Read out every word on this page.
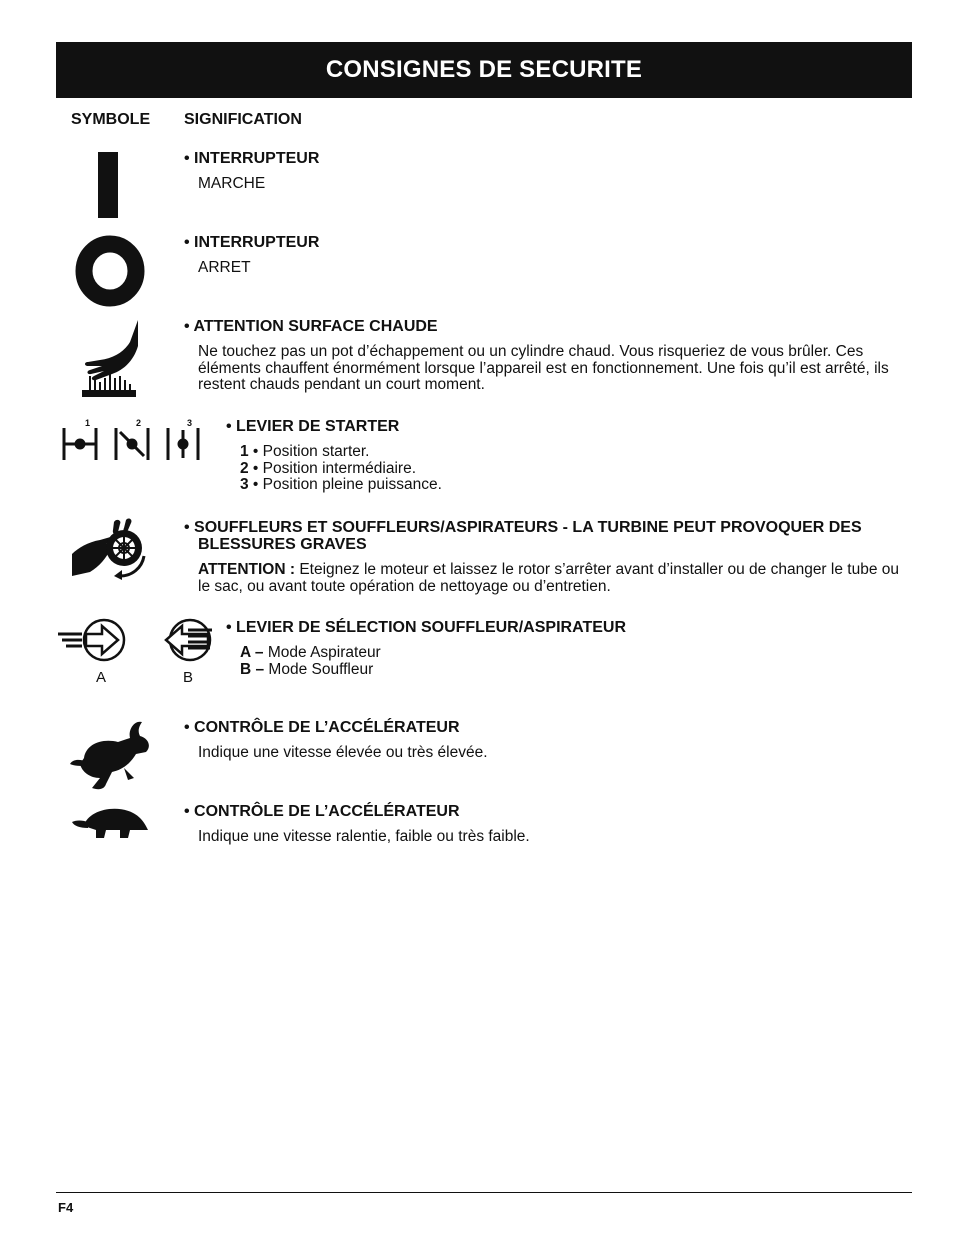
CONSIGNES DE SECURITE
SYMBOLE SIGNIFICATION
• INTERRUPTEUR
MARCHE
• INTERRUPTEUR
ARRET
• ATTENTION SURFACE CHAUDE
Ne touchez pas un pot d’échappement ou un cylindre chaud. Vous risqueriez de vous brûler. Ces éléments chauffent énormément lorsque l’appareil est en fonctionnement. Une fois qu’il est arrêté, ils restent chauds pendant un court moment.
1	2	3 • LEVIER DE STARTER
1 • Position starter.
2 • Position intermédiaire.
3 • Position pleine puissance.
• SOUFFLEURS ET SOUFFLEURS/ASPIRATEURS - LA TURBINE PEUT PROVOQUER DES BLESSURES GRAVES
ATTENTION : Eteignez le moteur et laissez le rotor s’arrêter avant d’installer ou de changer le tube ou le sac, ou avant toute opération de nettoyage ou d’entretien.
A	B
• LEVIER DE SÉLECTION SOUFFLEUR/ASPIRATEUR
A – Mode Aspirateur
B – Mode Souffleur
• CONTRÔLE DE L’ACCÉLÉRATEUR
Indique une vitesse élevée ou très élevée.
• CONTRÔLE DE L’ACCÉLÉRATEUR
Indique une vitesse ralentie, faible ou très faible.
F4
